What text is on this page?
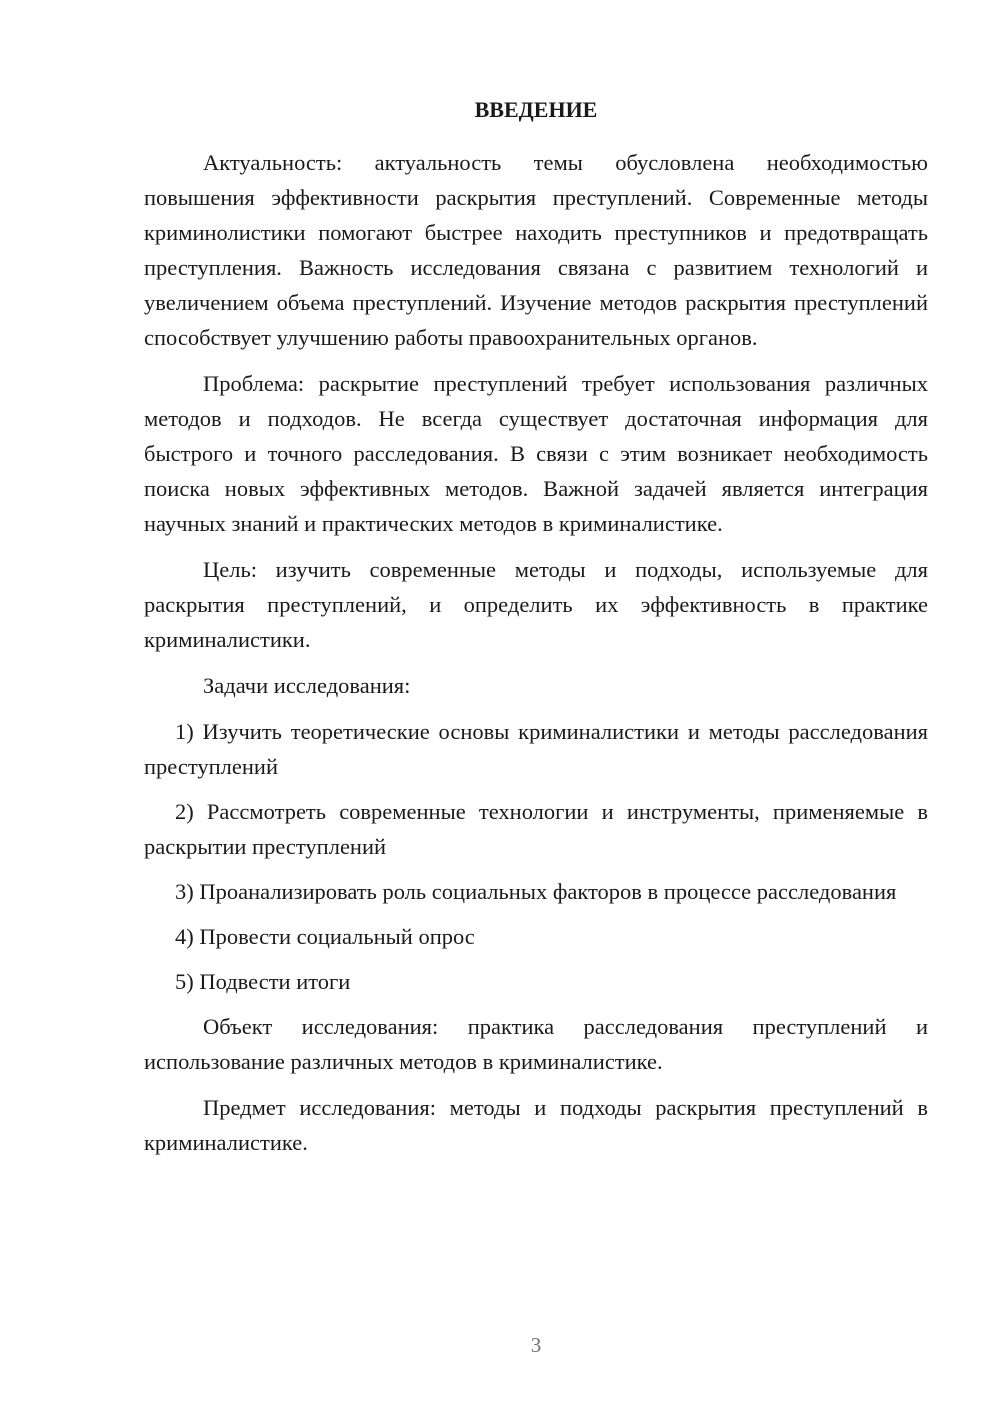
ВВЕДЕНИЕ

Актуальность: актуальность темы обусловлена необходимостью повышения эффективности раскрытия преступлений. Современные методы криминолистики помогают быстрее находить преступников и предотвращать преступления. Важность исследования связана с развитием технологий и увеличением объема преступлений. Изучение методов раскрытия преступлений способствует улучшению работы правоохранительных органов.

Проблема: раскрытие преступлений требует использования различных методов и подходов. Не всегда существует достаточная информация для быстрого и точного расследования. В связи с этим возникает необходимость поиска новых эффективных методов. Важной задачей является интеграция научных знаний и практических методов в криминалистике.

Цель: изучить современные методы и подходы, используемые для раскрытия преступлений, и определить их эффективность в практике криминалистики.

Задачи исследования:

1) Изучить теоретические основы криминалистики и методы расследования преступлений

2) Рассмотреть современные технологии и инструменты, применяемые в раскрытии преступлений

3) Проанализировать роль социальных факторов в процессе расследования

4) Провести социальный опрос

5) Подвести итоги

Объект исследования: практика расследования преступлений и использование различных методов в криминалистике.

Предмет исследования: методы и подходы раскрытия преступлений в криминалистике.

3
